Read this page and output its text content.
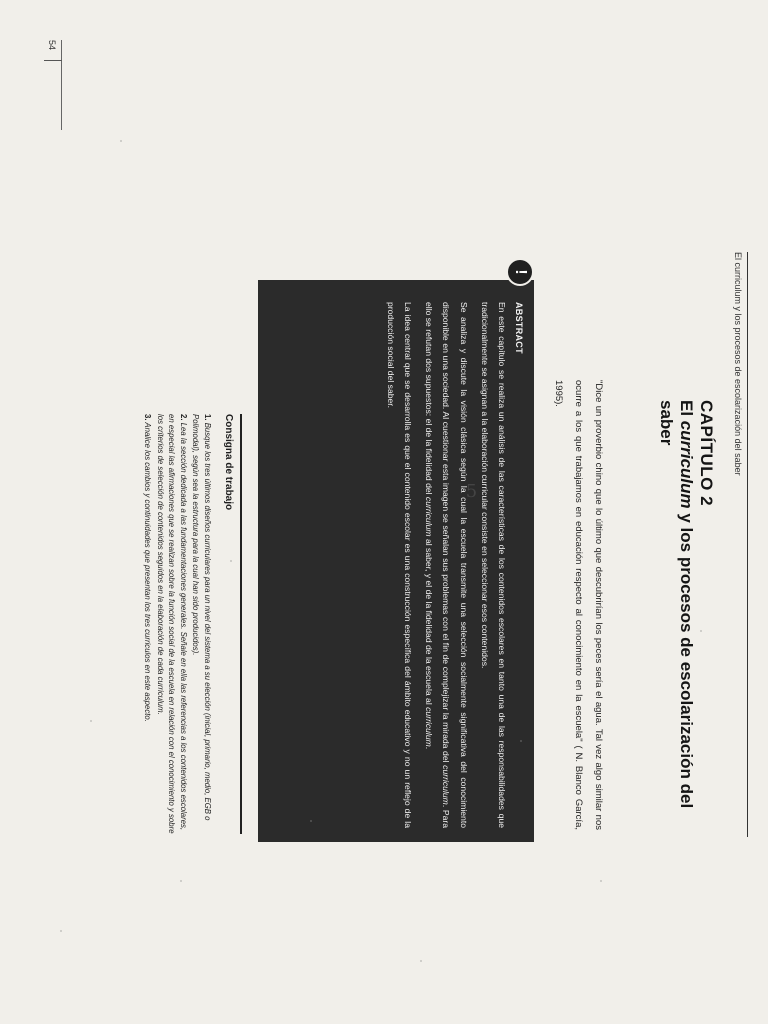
El curriculum y los procesos de escolarización del saber
54
CAPÍTULO 2
El curriculum y los procesos de escolarización del saber
"Dice un proverbio chino que lo último que descubrirían los peces sería el agua. Tal vez algo similar nos ocurre a los que trabajamos en educación respecto al conocimiento en la escuela" ( N. Blanco García, 1995).
!
ABSTRACT

En este capítulo se realiza un análisis de las características de los contenidos escolares en tanto una de las responsabilidades que tradicionalmente se asignan a la elaboración curricular consiste en seleccionar esos contenidos.

Se analiza y discute la visión clásica según la cual la escuela transmite una selección socialmente significativa del conocimiento disponible en una sociedad. Al cuestionar esta imagen se señalan sus problemas con el fin de complejizar la mirada del curriculum. Para ello se refutan dos supuestos: el de la fidelidad del curriculum al saber, y el de la fidelidad de la escuela al curriculum.

La idea central que se desarrolla es que el contenido escolar es una construcción específica del ámbito educativo y no un reflejo de la producción social del saber.

Consigna de trabajo
1. Busque los tres últimos diseños curriculares para un nivel del sistema a su elección (inicial, primario, medio, EGB o Polimodal), según sea la estructura para la cual han sido producidos).
2. Lea la sección dedicada a las fundamentaciones generales. Señale en ella las referencias a los contenidos escolares, en especial las afirmaciones que se realizan sobre la función social de la escuela en relación con el conocimiento y sobre los criterios de selección de contenidos seguidos en la elaboración de cada curriculum.
3. Analice los cambios y continuidades que presentan los tres curriculos en este aspecto.	5
